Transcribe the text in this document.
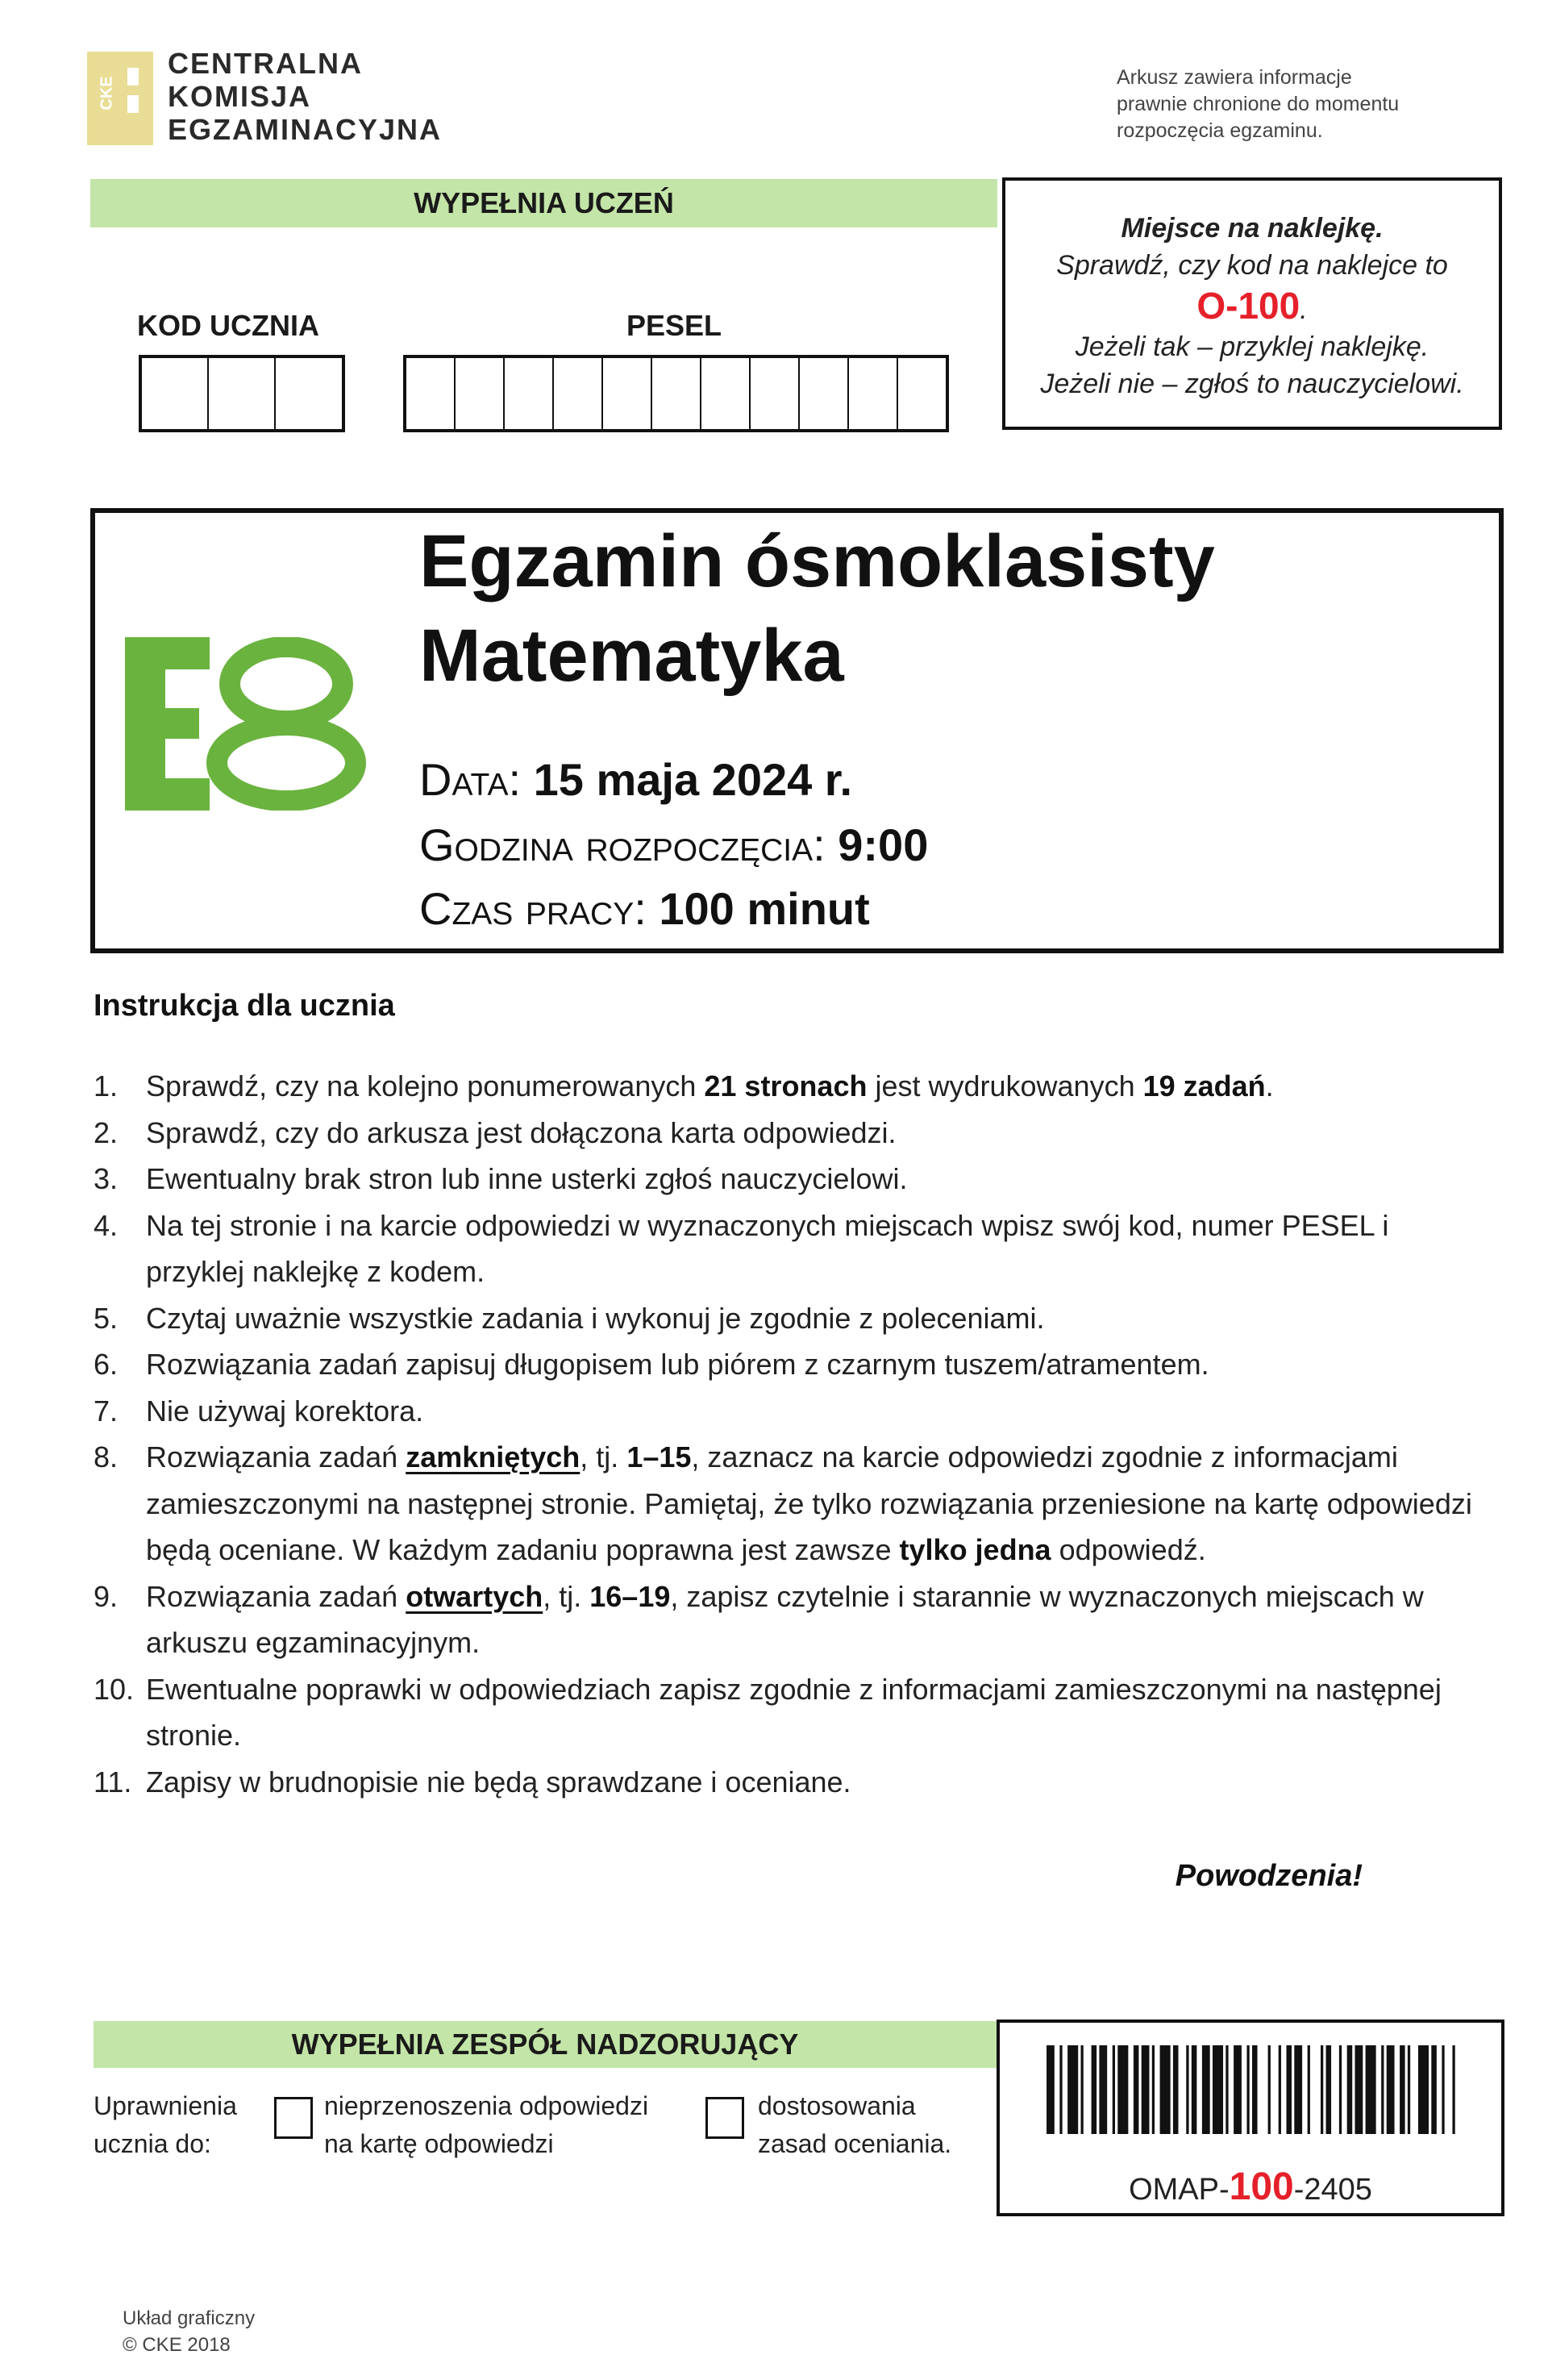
CKE
CENTRALNA
KOMISJA
EGZAMINACYJNA
Arkusz zawiera informacje
prawnie chronione do momentu
rozpoczęcia egzaminu.
WYPEŁNIA UCZEŃ
KOD UCZNIA	PESEL
Miejsce na naklejkę.
Sprawdź, czy kod na naklejce to
O-100.
Jeżeli tak – przyklej naklejkę.
Jeżeli nie – zgłoś to nauczycielowi.
Egzamin ósmoklasisty
Matematyka
Data: 15 maja 2024 r.
Godzina rozpoczęcia: 9:00
Czas pracy: 100 minut
Instrukcja dla ucznia
1. Sprawdź, czy na kolejno ponumerowanych 21 stronach jest wydrukowanych 19 zadań.
2. Sprawdź, czy do arkusza jest dołączona karta odpowiedzi.
3. Ewentualny brak stron lub inne usterki zgłoś nauczycielowi.
4. Na tej stronie i na karcie odpowiedzi w wyznaczonych miejscach wpisz swój kod, numer PESEL i przyklej naklejkę z kodem.
5. Czytaj uważnie wszystkie zadania i wykonuj je zgodnie z poleceniami.
6. Rozwiązania zadań zapisuj długopisem lub piórem z czarnym tuszem/atramentem.
7. Nie używaj korektora.
8. Rozwiązania zadań zamkniętych, tj. 1–15, zaznacz na karcie odpowiedzi zgodnie z informacjami zamieszczonymi na następnej stronie. Pamiętaj, że tylko rozwiązania przeniesione na kartę odpowiedzi będą oceniane. W każdym zadaniu poprawna jest zawsze tylko jedna odpowiedź.
9. Rozwiązania zadań otwartych, tj. 16–19, zapisz czytelnie i starannie w wyznaczonych miejscach w arkuszu egzaminacyjnym.
10. Ewentualne poprawki w odpowiedziach zapisz zgodnie z informacjami zamieszczonymi na następnej stronie.
11. Zapisy w brudnopisie nie będą sprawdzane i oceniane.
Powodzenia!
WYPEŁNIA ZESPÓŁ NADZORUJĄCY
Uprawnienia
ucznia do:
nieprzenoszenia odpowiedzi
na kartę odpowiedzi
dostosowania
zasad oceniania.
OMAP-100-2405
Układ graficzny
© CKE 2018
